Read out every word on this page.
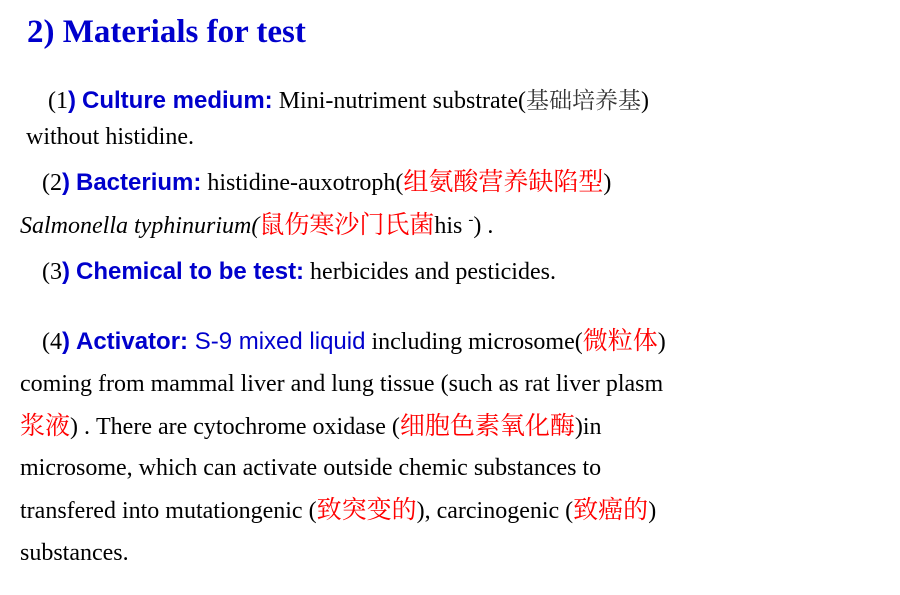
2) Materials for test
(1) Culture medium: Mini-nutriment substrate(基础培养基)
without histidine.
(2) Bacterium: histidine-auxotroph(组氨酸营养缺陷型)
Salmonella typhinurium(鼠伤寒沙门氏菌his -) .
(3) Chemical to be test: herbicides and pesticides.
(4) Activator: S-9 mixed liquid including microsome(微粒体)
coming from mammal liver and lung tissue (such as rat liver plasm
浆液) . There are cytochrome oxidase (细胞色素氧化酶)in
microsome, which can activate outside chemic substances to
transfered into mutationgenic (致突变的), carcinogenic (致癌的)
substances.
